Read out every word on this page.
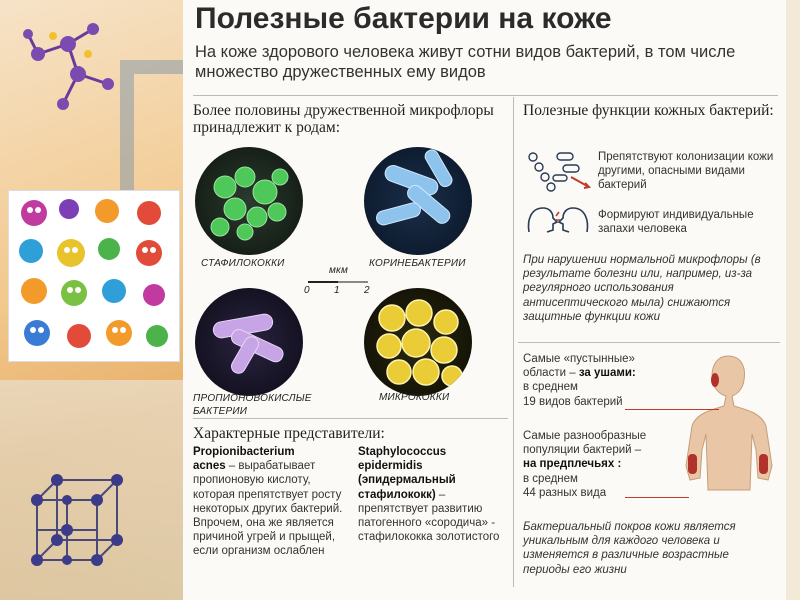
Полезные бактерии на коже
На коже здорового человека живут сотни видов бактерий, в том числе множество дружественных ему видов
Более половины дружественной микрофлоры принадлежит к родам:
СТАФИЛОКОККИ	КОРИНЕБАКТЕРИИ
ПРОПИОНОВОКИСЛЫЕ БАКТЕРИИ
МИКРОКОККИ
мкм
0 1 2
Характерные представители:
Propionibacterium
acnes – вырабатывает пропионовую кислоту, которая препятствует росту некоторых других бактерий. Впрочем, она же является причиной угрей и прыщей, если организм ослаблен
Staphylococcus
epidermidis
(эпидермальный
стафилококк) – препятствует развитию патогенного «сородича» - стафилококка золотистого
Полезные функции кожных бактерий:
Препятствуют колонизации кожи другими, опасными видами бактерий
Формируют индивидуальные запахи человека
При нарушении нормальной микрофлоры (в результате болезни или, например, из-за регулярного использования антисептического мыла) снижаются защитные функции кожи
Самые «пустынные»
области – за ушами:
в среднем
19 видов бактерий
Самые разнообразные
популяции бактерий –
на предплечьях :
в среднем
44 разных вида
Бактериальный покров кожи является уникальным для каждого человека и изменяется в различные возрастные периоды его жизни
